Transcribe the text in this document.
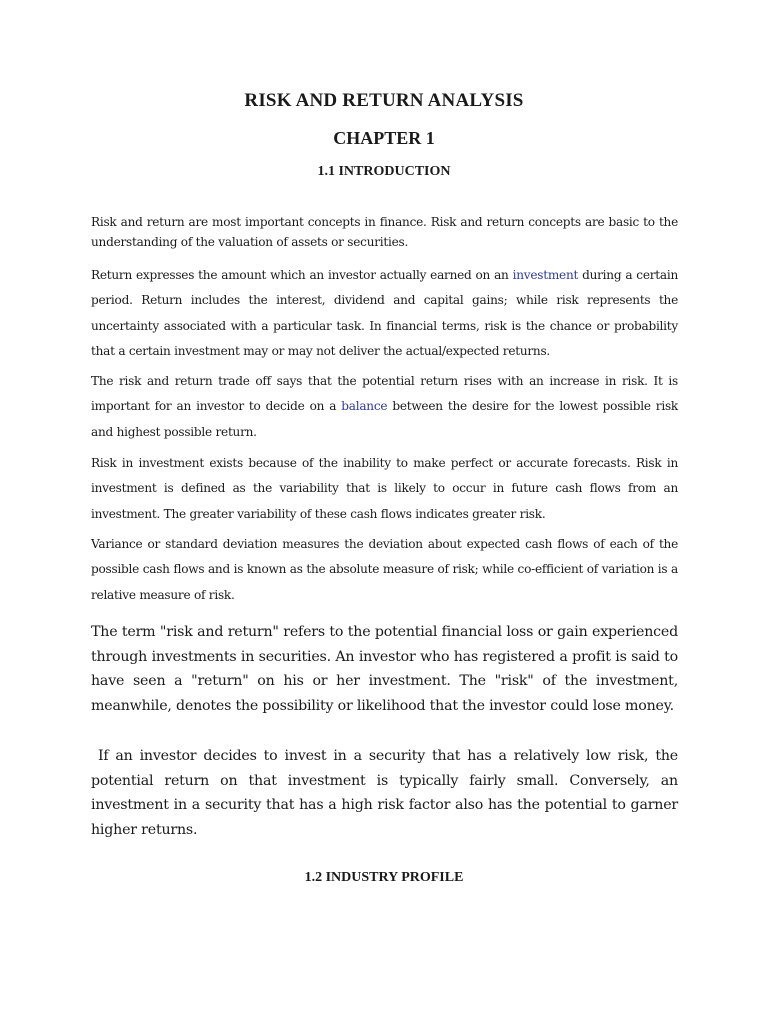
RISK AND RETURN ANALYSIS
CHAPTER 1
1.1 INTRODUCTION

Risk and return are most important concepts in finance. Risk and return concepts are basic to the understanding of the valuation of assets or securities.

Return expresses the amount which an investor actually earned on an investment during a certain period. Return includes the interest, dividend and capital gains; while risk represents the uncertainty associated with a particular task. In financial terms, risk is the chance or probability that a certain investment may or may not deliver the actual/expected returns.

The risk and return trade off says that the potential return rises with an increase in risk. It is important for an investor to decide on a balance between the desire for the lowest possible risk and highest possible return.

Risk in investment exists because of the inability to make perfect or accurate forecasts. Risk in investment is defined as the variability that is likely to occur in future cash flows from an investment. The greater variability of these cash flows indicates greater risk.

Variance or standard deviation measures the deviation about expected cash flows of each of the possible cash flows and is known as the absolute measure of risk; while co-efficient of variation is a relative measure of risk.

The term "risk and return" refers to the potential financial loss or gain experienced through investments in securities. An investor who has registered a profit is said to have seen a "return" on his or her investment. The "risk" of the investment, meanwhile, denotes the possibility or likelihood that the investor could lose money.

If an investor decides to invest in a security that has a relatively low risk, the potential return on that investment is typically fairly small. Conversely, an investment in a security that has a high risk factor also has the potential to garner higher returns.

1.2 INDUSTRY PROFILE
